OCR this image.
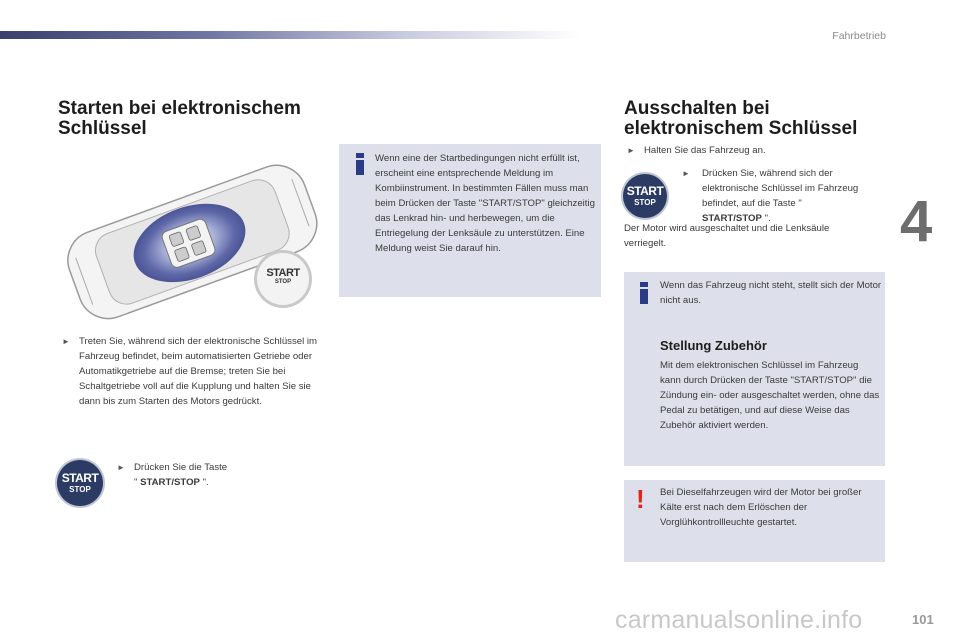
Fahrbetrieb
4
Starten bei elektronischem
Schlüssel
START
STOP
► Treten Sie, während sich der elektronische Schlüssel im Fahrzeug befindet, beim automatisierten Getriebe oder Automatikgetriebe auf die Bremse; treten Sie bei Schaltgetriebe voll auf die Kupplung und halten Sie sie dann bis zum Starten des Motors gedrückt.
START
STOP
► Drücken Sie die Taste
" START/STOP ".
Wenn eine der Startbedingungen nicht erfüllt ist, erscheint eine entsprechende Meldung im Kombiinstrument. In bestimmten Fällen muss man beim Drücken der Taste "START/STOP" gleichzeitig das Lenkrad hin- und herbewegen, um die Entriegelung der Lenksäule zu unterstützen. Eine Meldung weist Sie darauf hin.
Ausschalten bei
elektronischem Schlüssel
► Halten Sie das Fahrzeug an.
START
STOP
► Drücken Sie, während sich der elektronische Schlüssel im Fahrzeug befindet, auf die Taste " START/STOP ".
Der Motor wird ausgeschaltet und die Lenksäule verriegelt.
Wenn das Fahrzeug nicht steht, stellt sich der Motor nicht aus.
Stellung Zubehör
Mit dem elektronischen Schlüssel im Fahrzeug kann durch Drücken der Taste "START/STOP" die Zündung ein- oder ausgeschaltet werden, ohne das Pedal zu betätigen, und auf diese Weise das Zubehör aktiviert werden.
! Bei Dieselfahrzeugen wird der Motor bei großer Kälte erst nach dem Erlöschen der Vorglühkontrollleuchte gestartet.
carmanualsonline.info	101
